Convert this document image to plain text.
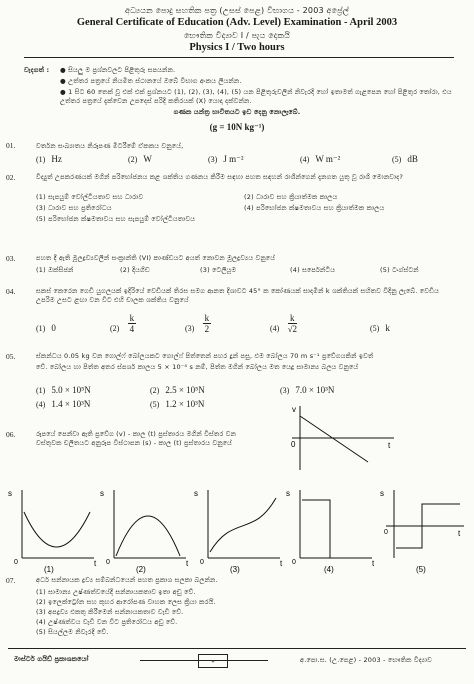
අධ්‍යයන පොදු සහතික පත්‍ර (උසස් පෙළ) විභාගය - 2003 අප්‍රේල්
General Certificate of Education (Adv. Level) Examination - April 2003
භෞතික විද්‍යාව I / පැය දෙකයි
Physics I / Two hours
වැදගත් : ● සියලු ම ප්‍රශ්නවලට පිළිතුරු සපයන්න.
● උත්තර පත්‍රයේ නියමිත ස්ථානයේ ඔබේ විභාග අංකය ලියන්න.
● 1 සිට 60 තෙක් වූ එක් එක් ප්‍රශ්නයට (1), (2), (3), (4), (5) යන පිළිතුරුවලින් නිවැරදි හෝ ඉතාමත් ගැළපෙන හෝ පිළිතුර තෝරා, එය උත්තර පත්‍රයේ දැක්වෙන උපදෙස් පරිදි කතිරයක් (X) යොදා දක්වන්න.
ගණක යන්ත්‍ර භාවිතයට ඉඩ දෙනු නොලැබේ.
(g = 10N kg⁻¹)
01.	වර්තන සංඛ්‍යාතය නිරූපණ මිටරීමේ ඒකකය වනුයේ,
(1) Hz	(2) W	(3) J m⁻²	(4) W m⁻²	(5) dB
02.	විද්‍යුත් උපකරණයක් මගින් පරිභෝජනය කළ ශක්තිය ගණනය කිරීම සඳහා පහත සඳහන් රාශීන්ගෙන් දැනගත යුතු වූ රාශි මොනවාද?
(1) සැපයුම් වෝල්ටීයතාව සහ ධාරාව	(2) ධාරාව සහ ක්‍රියාත්මක කාලය
(3) ධාරාව සහ ප්‍රතිරෝධය	(4) පරිභෝජන ක්ෂමතාවය සහ ක්‍රියාත්මක කාලය
(5) පරිභෝජන ක්ෂමතාවය සහ සැපයුම් වෝල්ටීයතාවය
03.	පහත දී ඇති මූලද්‍රව්‍යවලින් සංක්‍රාන්ති (VI) කාණ්ඩයට අයත් නොවන මූලද්‍රව්‍යය වනුයේ
(1) ඔක්සිජන්	(2) දියගිඩ	(3) ටෙලියූම	(4) සර්පෙන්ටිය	(5) ටංග්ස්ටන්
04.	සකස් කෙරෙන ගෙඩී යුගලයක් ඉදිරියේ වෙඩියක් තිරස සමග ආනත දිශාවට 45° ක කෝණයක් සාදමින් k ශක්තියක් සහිතව විදිනු ලැබේ. වෙඩිය උපරිම උසට ළඟා වන විට එහි චාලක ශක්තිය වනුයේ
(1) 0	$(2) \frac{k}{4}$	$(3) \frac{k}{2}$	$(4) \frac{k}{√2}$	(5) k
05.	ස්කන්ධය 0.05 kg වන ගොල්ෆ් බෝලයකට ගොල්ෆ් පිත්තෙන් පහර දුන් පසු, එම බෝලය 70 m s⁻¹ ප්‍රවේගයකින් ඉවත්
වේ. බෝලය හා පිත්ත අතර ස්පර්ශ කාලය 5 × 10⁻⁴ s නම්, පිත්ත මගින් බෝලය මත යෙදූ සාමාන්‍ය බලය වනුයේ
(1) 5.0 × 10⁵N	(2) 2.5 × 10⁵N	(3) 7.0 × 10³N
(4) 1.4 × 10³N	(5) 1.2 × 10³N
06.	රූපයේ පෙන්වා ඇති ප්‍රවේග (v) - කාල (t) ප්‍රස්තාරය මගින් විස්තර වන වස්තුවක චලිතයට අනුරූප විස්ථාපන (s) - කාල (t) ප්‍රස්තාරය වනුයේ
v
0	t
s
0	t
(1)
s
0	t
(2)
s
0	t
(3)
s
0	t
(4)
s
0	t
(5)
07.	අර්ධ සන්නායක ද්‍රව්‍ය සම්බන්ධයෙන් පහත ප්‍රකාශ සලකා බලන්න.
(1) සාමාන්‍ය උෂ්ණත්වයේදී සන්නායකතාව ඉතා අඩු වේ.
(2) ඉලෙක්ට්‍රෝන සහ කුහර ආරෝපණ වාහක ලෙස ක්‍රියා කරයි.
(3) අපද්‍රව්‍ය එකතු කිරීමෙන් සන්නායකතාව වැඩි වේ.
(4) උෂ්ණත්වය වැඩි වන විට ප්‍රතිරෝධය අඩු වේ.
(5) සියල්ලම නිවැරදි වේ.
මාස්ටර් ගයිඩ් ප්‍රකාශකයෝ	-	අ.පො.ස. (උ.පෙළ) - 2003 - භෞතික විද්‍යාව
